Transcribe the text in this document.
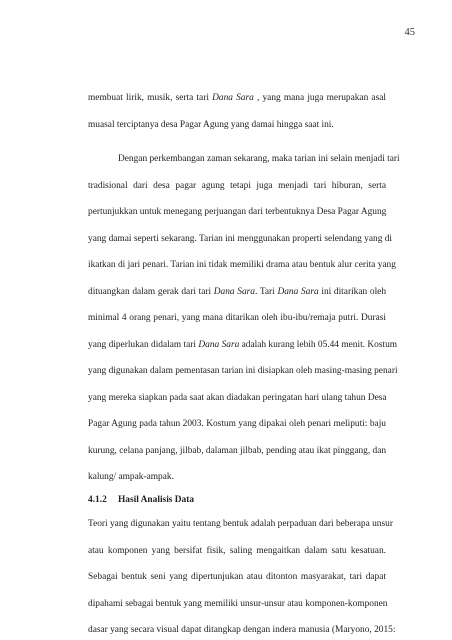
45
membuat lirik, musik, serta tari Dana Sara , yang mana juga merupakan asal
muasal terciptanya desa Pagar Agung yang damai hingga saat ini.
Dengan perkembangan zaman sekarang, maka tarian ini selain menjadi tari
tradisional dari desa pagar agung tetapi juga menjadi tari hiburan, serta
pertunjukkan untuk menegang perjuangan dari terbentuknya Desa Pagar Agung
yang damai seperti sekarang. Tarian ini menggunakan properti selendang yang di
ikatkan di jari penari. Tarian ini tidak memiliki drama atau bentuk alur cerita yang
dituangkan dalam gerak dari tari Dana Sara. Tari Dana Sara ini ditarikan oleh
minimal 4 orang penari, yang mana ditarikan oleh ibu-ibu/remaja putri. Durasi
yang diperlukan didalam tari Dana Sara adalah kurang lebih 05.44 menit. Kostum
yang digunakan dalam pementasan tarian ini disiapkan oleh masing-masing penari
yang mereka siapkan pada saat akan diadakan peringatan hari ulang tahun Desa
Pagar Agung pada tahun 2003. Kostum yang dipakai oleh penari meliputi: baju
kurung, celana panjang, jilbab, dalaman jilbab, pending atau ikat pinggang, dan
kalung/ ampak-ampak.
4.1.2 Hasil Analisis Data
Teori yang digunakan yaitu tentang bentuk adalah perpaduan dari beberapa unsur
atau komponen yang bersifat fisik, saling mengaitkan dalam satu kesatuan.
Sebagai bentuk seni yang dipertunjukan atau ditonton masyarakat, tari dapat
dipahami sebagai bentuk yang memiliki unsur-unsur atau komponen-komponen
dasar yang secara visual dapat ditangkap dengan indera manusia (Maryono, 2015:
